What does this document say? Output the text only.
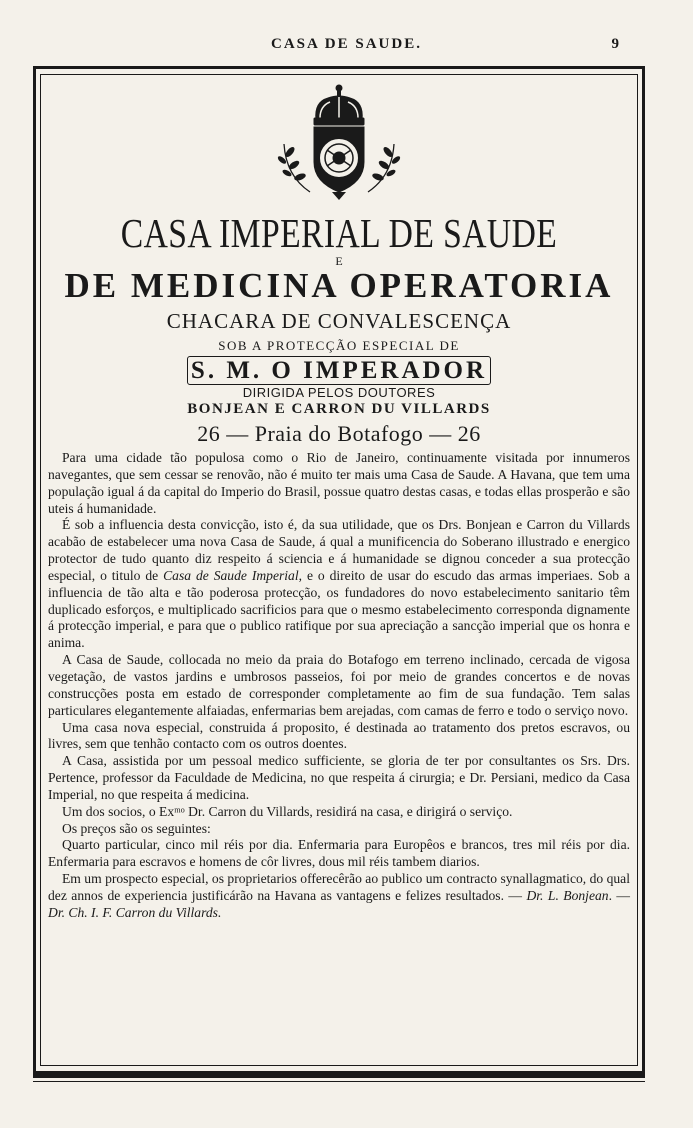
CASA DE SAUDE.	9
CASA IMPERIAL DE SAUDE
E
DE MEDICINA OPERATORIA
CHACARA DE CONVALESCENÇA
SOB A PROTECÇÃO ESPECIAL DE
S. M. O IMPERADOR
DIRIGIDA PELOS DOUTORES
BONJEAN E CARRON DU VILLARDS
26 — Praia do Botafogo — 26

Para uma cidade tão populosa como o Rio de Janeiro, continuamente visitada por innumeros navegantes, que sem cessar se renovão, não é muito ter mais uma Casa de Saude. A Havana, que tem uma população igual á da capital do Imperio do Brasil, possue quatro destas casas, e todas ellas prosperão e são uteis á humanidade.

É sob a influencia desta convicção, isto é, da sua utilidade, que os Drs. Bonjean e Carron du Villards acabão de estabelecer uma nova Casa de Saude, á qual a munificencia do Soberano illustrado e energico protector de tudo quanto diz respeito á sciencia e á humanidade se dignou conceder a sua protecção especial, o titulo de Casa de Saude Imperial, e o direito de usar do escudo das armas imperiaes. Sob a influencia de tão alta e tão poderosa protecção, os fundadores do novo estabelecimento sanitario têm duplicado esforços, e multiplicado sacrificios para que o mesmo estabelecimento corresponda dignamente á protecção imperial, e para que o publico ratifique por sua apreciação a sancção imperial que os honra e anima.

A Casa de Saude, collocada no meio da praia do Botafogo em terreno inclinado, cercada de vigosa vegetação, de vastos jardins e umbrosos passeios, foi por meio de grandes concertos e de novas construcções posta em estado de corresponder completamente ao fim de sua fundação. Tem salas particulares elegantemente alfaiadas, enfermarias bem arejadas, com camas de ferro e todo o serviço novo.

Uma casa nova especial, construida á proposito, é destinada ao tratamento dos pretos escravos, ou livres, sem que tenhão contacto com os outros doentes.

A Casa, assistida por um pessoal medico sufficiente, se gloria de ter por consultantes os Srs. Drs. Pertence, professor da Faculdade de Medicina, no que respeita á cirurgia; e Dr. Persiani, medico da Casa Imperial, no que respeita á medicina.

Um dos socios, o Exᵐᵒ Dr. Carron du Villards, residirá na casa, e dirigirá o serviço.

Os preços são os seguintes:

Quarto particular, cinco mil réis por dia. Enfermaria para Europêos e brancos, tres mil réis por dia. Enfermaria para escravos e homens de côr livres, dous mil réis tambem diarios.

Em um prospecto especial, os proprietarios offerecêrão ao publico um contracto synallagmatico, do qual dez annos de experiencia justificárão na Havana as vantagens e felizes resultados. — Dr. L. Bonjean. — Dr. Ch. I. F. Carron du Villards.
